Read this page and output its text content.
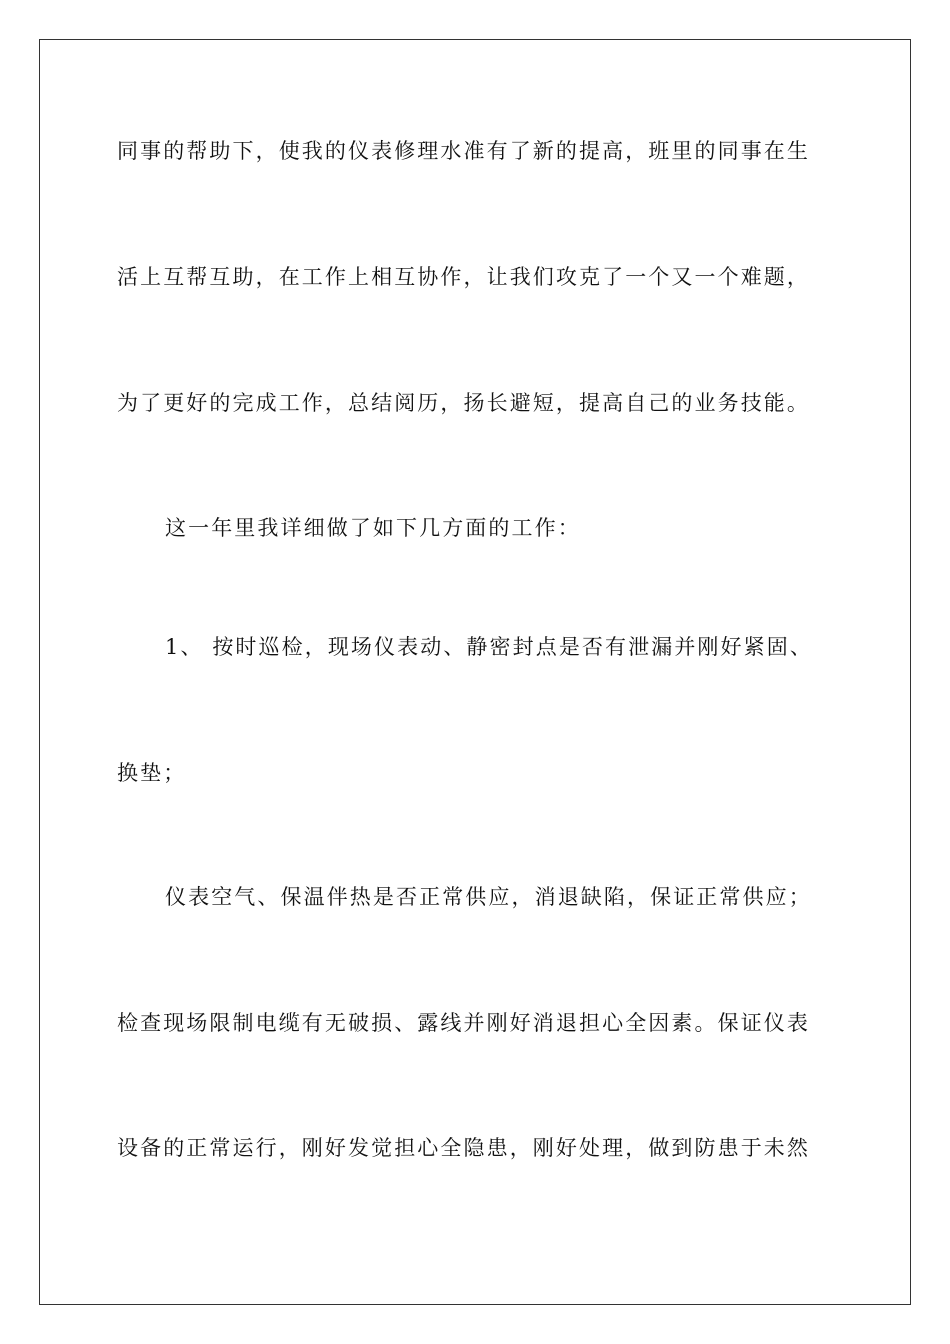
同事的帮助下，使我的仪表修理水准有了新的提高，班里的同事在生
活上互帮互助，在工作上相互协作，让我们攻克了一个又一个难题，
为了更好的完成工作，总结阅历，扬长避短，提高自己的业务技能。
这一年里我详细做了如下几方面的工作：
1、 按时巡检，现场仪表动、静密封点是否有泄漏并刚好紧固、
换垫；
仪表空气、保温伴热是否正常供应，消退缺陷，保证正常供应；
检查现场限制电缆有无破损、露线并刚好消退担心全因素。保证仪表
设备的正常运行，刚好发觉担心全隐患，刚好处理，做到防患于未然
